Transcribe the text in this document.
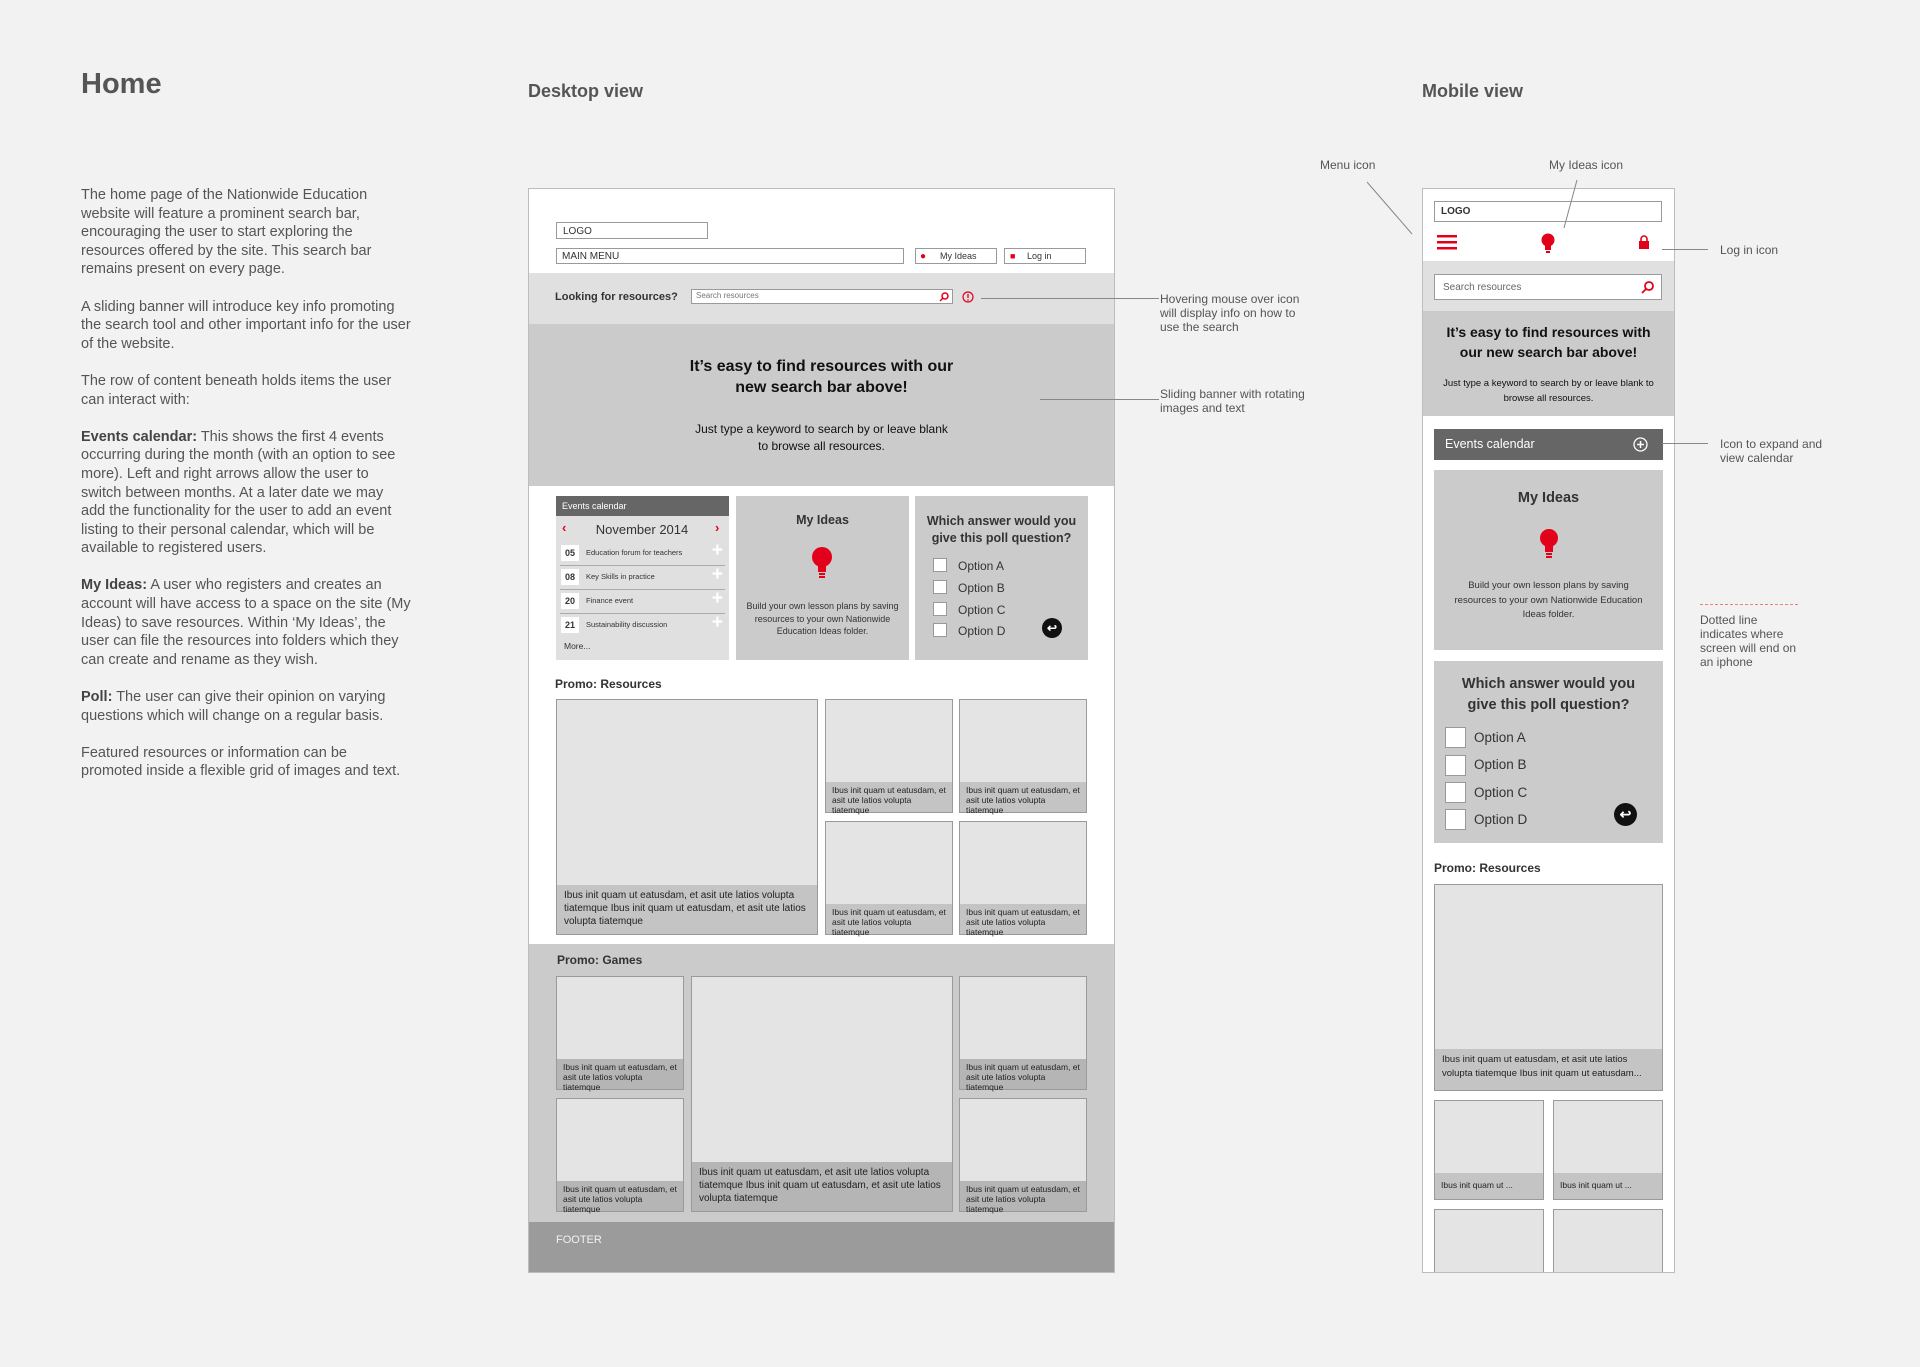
Home	Desktop view	Mobile view

The home page of the Nationwide Education website will feature a prominent search bar, encouraging the user to start exploring the resources offered by the site. This search bar remains present on every page.

A sliding banner will introduce key info promoting the search tool and other important info for the user of the website.

The row of content beneath holds items the user can interact with:

Events calendar: This shows the first 4 events occurring during the month (with an option to see more). Left and right arrows allow the user to switch between months. At a later date we may add the functionality for the user to add an event listing to their personal calendar, which will be available to registered users.

My Ideas: A user who registers and creates an account will have access to a space on the site (My Ideas) to save resources. Within ‘My Ideas’, the user can file the resources into folders which they can create and rename as they wish.

Poll: The user can give their opinion on varying questions which will change on a regular basis.

Featured resources or information can be promoted inside a flexible grid of images and text.

LOGO
MAIN MENU	● My Ideas	■ Log in
Looking for resources? Search resources
It’s easy to find resources with our new search bar above!
Just type a keyword to search by or leave blank to browse all resources.
Events calendar
‹ November 2014 ›
05	Education forum for teachers +
08	Key Skills in practice	+
20	Finance event	+
21	Sustainability discussion +
More...
My Ideas
Build your own lesson plans by saving resources to your own Nationwide Education Ideas folder.
Which answer would you give this poll question?
Option A
Option B
Option C
Option D	↩
Promo: Resources
Ibus init quam ut eatusdam, et asit ute latios volupta tiatemque Ibus init quam ut eatusdam, et asit ute latios volupta tiatemque
Ibus init quam ut eatusdam, et asit ute latios volupta tiatemque
Ibus init quam ut eatusdam, et asit ute latios volupta tiatemque
Ibus init quam ut eatusdam, et asit ute latios volupta tiatemque
Ibus init quam ut eatusdam, et asit ute latios volupta tiatemque
Promo: Games
Ibus init quam ut eatusdam, et asit ute latios volupta tiatemque
Ibus init quam ut eatusdam, et asit ute latios volupta tiatemque
Ibus init quam ut eatusdam, et asit ute latios volupta tiatemque Ibus init quam ut eatusdam, et asit ute latios volupta tiatemque
Ibus init quam ut eatusdam, et asit ute latios volupta tiatemque
Ibus init quam ut eatusdam, et asit ute latios volupta tiatemque
FOOTER
Hovering mouse over icon will display info on how to use the search
Sliding banner with rotating images and text
LOGO
Search resources
It’s easy to find resources with our new search bar above!
Just type a keyword to search by or leave blank to browse all resources.
Events calendar
My Ideas
Build your own lesson plans by saving resources to your own Nationwide Education Ideas folder.
Which answer would you give this poll question?
Option A
Option B
Option C
Option D	↩
Promo: Resources
Ibus init quam ut eatusdam, et asit ute latios volupta tiatemque Ibus init quam ut eatusdam...
Ibus init quam ut ...	Ibus init quam ut ...
Menu icon	My Ideas icon
Log in icon
Icon to expand and view calendar
Dotted line indicates where screen will end on an iphone
